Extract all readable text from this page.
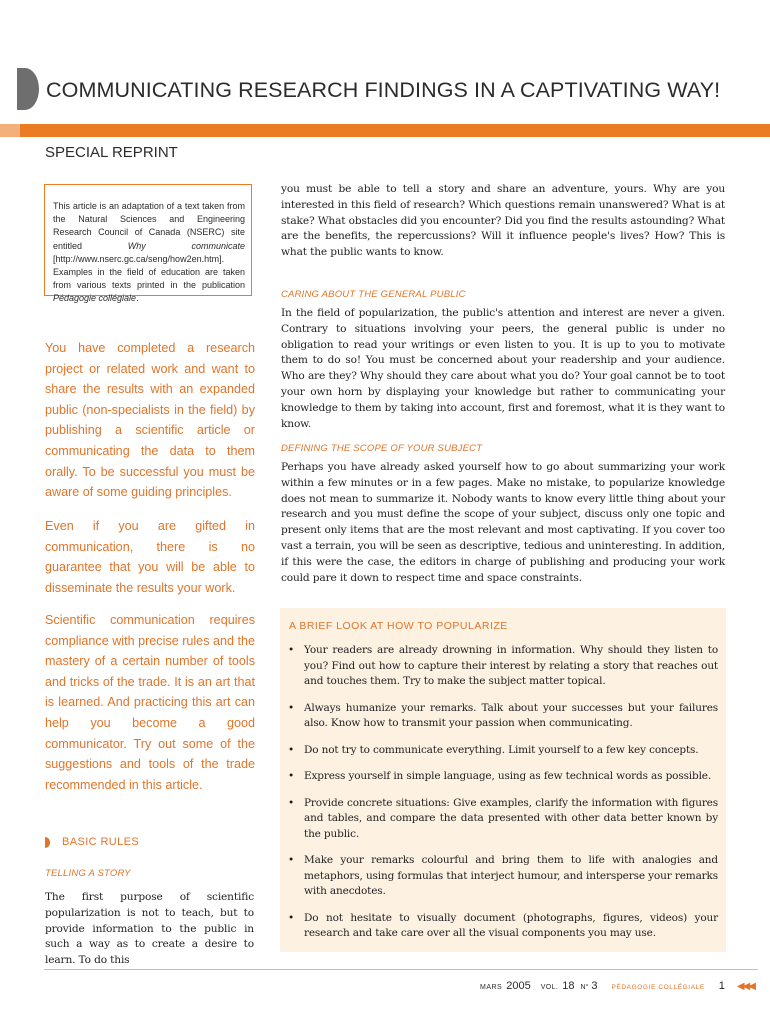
COMMUNICATING RESEARCH FINDINGS IN A CAPTIVATING WAY!
SPECIAL REPRINT
This article is an adaptation of a text taken from the Natural Sciences and Engineering Research Council of Canada (NSERC) site entitled Why communicate [http://www.nserc.gc.ca/seng/how2en.htm]. Examples in the field of education are taken from various texts printed in the publication Pédagogie collégiale.
You have completed a research project or related work and want to share the results with an expanded public (non-specialists in the field) by publishing a scientific article or communicating the data to them orally. To be successful you must be aware of some guiding principles.
Even if you are gifted in communication, there is no guarantee that you will be able to disseminate the results your work.
Scientific communication requires compliance with precise rules and the mastery of a certain number of tools and tricks of the trade. It is an art that is learned. And practicing this art can help you become a good communicator. Try out some of the suggestions and tools of the trade recommended in this article.
BASIC RULES
TELLING A STORY
The first purpose of scientific popularization is not to teach, but to provide information to the public in such a way as to create a desire to learn. To do this
you must be able to tell a story and share an adventure, yours. Why are you interested in this field of research? Which questions remain unanswered? What is at stake? What obstacles did you encounter? Did you find the results astounding? What are the benefits, the repercussions? Will it influence people's lives? How? This is what the public wants to know.
CARING ABOUT THE GENERAL PUBLIC
In the field of popularization, the public's attention and interest are never a given. Contrary to situations involving your peers, the general public is under no obligation to read your writings or even listen to you. It is up to you to motivate them to do so! You must be concerned about your readership and your audience. Who are they? Why should they care about what you do? Your goal cannot be to toot your own horn by displaying your knowledge but rather to communicating your knowledge to them by taking into account, first and foremost, what it is they want to know.
DEFINING THE SCOPE OF YOUR SUBJECT
Perhaps you have already asked yourself how to go about summarizing your work within a few minutes or in a few pages. Make no mistake, to popularize knowledge does not mean to summarize it. Nobody wants to know every little thing about your research and you must define the scope of your subject, discuss only one topic and present only items that are the most relevant and most captivating. If you cover too vast a terrain, you will be seen as descriptive, tedious and uninteresting. In addition, if this were the case, the editors in charge of publishing and producing your work could pare it down to respect time and space constraints.
A BRIEF LOOK AT HOW TO POPULARIZE
• Your readers are already drowning in information. Why should they listen to you? Find out how to capture their interest by relating a story that reaches out and touches them. Try to make the subject matter topical.
• Always humanize your remarks. Talk about your successes but your failures also. Know how to transmit your passion when communicating.
• Do not try to communicate everything. Limit yourself to a few key concepts.
• Express yourself in simple language, using as few technical words as possible.
• Provide concrete situations: Give examples, clarify the information with figures and tables, and compare the data presented with other data better known by the public.
• Make your remarks colourful and bring them to life with analogies and metaphors, using formulas that interject humour, and intersperse your remarks with anecdotes.
• Do not hesitate to visually document (photographs, figures, videos) your research and take care over all the visual components you may use.
MARS 2005 VOL. 18 N° 3 PÉDAGOGIE COLLÉGIALE 1 ◀◀◀
